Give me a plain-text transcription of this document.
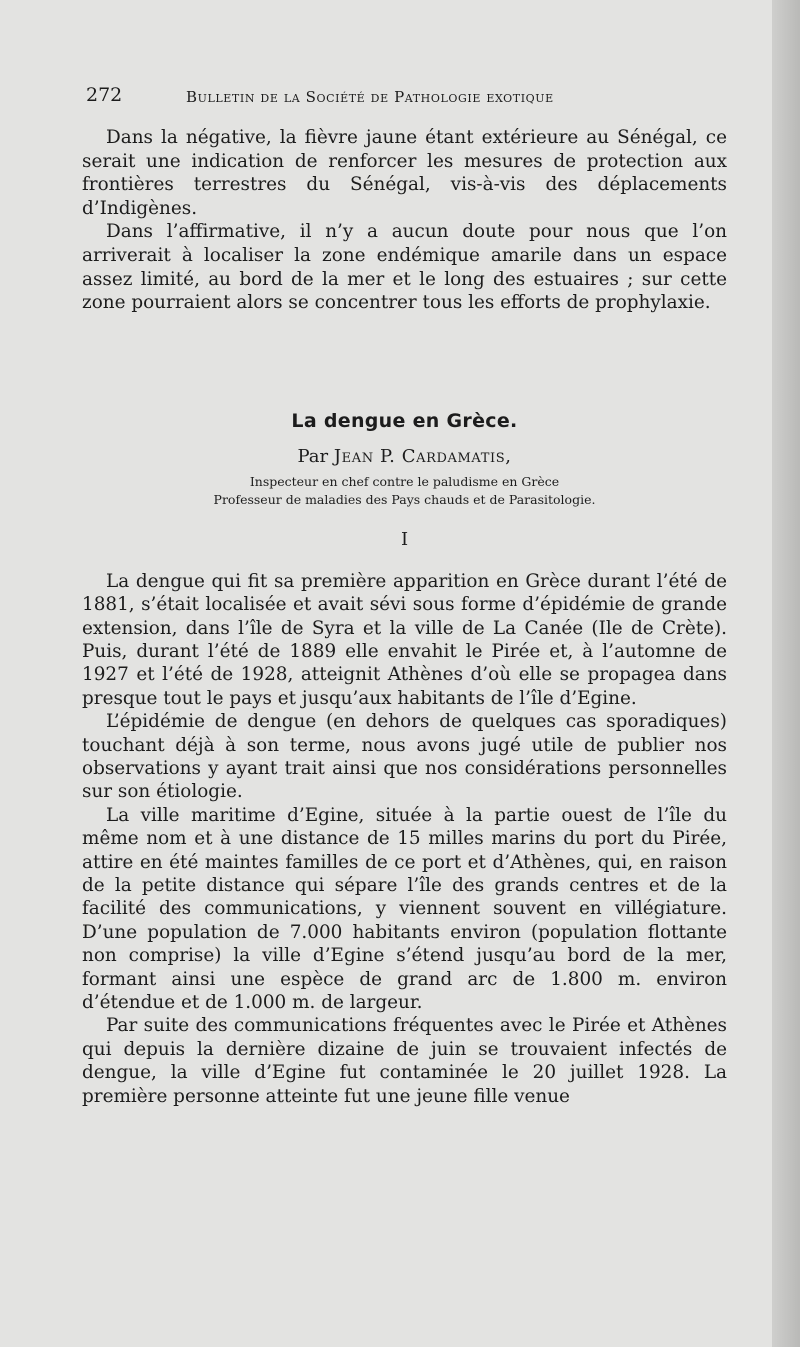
272	Bulletin de la Société de Pathologie exotique

Dans la négative, la fièvre jaune étant extérieure au Sénégal, ce serait une indication de renforcer les mesures de protection aux frontières terrestres du Sénégal, vis-à-vis des déplacements d’Indigènes.

Dans l’affirmative, il n’y a aucun doute pour nous que l’on arriverait à localiser la zone endémique amarile dans un espace assez limité, au bord de la mer et le long des estuaires ; sur cette zone pourraient alors se concentrer tous les efforts de prophylaxie.

La dengue en Grèce.
Par Jean P. Cardamatis,
Inspecteur en chef contre le paludisme en Grèce
Professeur de maladies des Pays chauds et de Parasitologie.
I

La dengue qui fit sa première apparition en Grèce durant l’été de 1881, s’était localisée et avait sévi sous forme d’épidémie de grande extension, dans l’île de Syra et la ville de La Canée (Ile de Crète). Puis, durant l’été de 1889 elle envahit le Pirée et, à l’automne de 1927 et l’été de 1928, atteignit Athènes d’où elle se propagea dans presque tout le pays et jusqu’aux habitants de l’île d’Egine.

L’épidémie de dengue (en dehors de quelques cas sporadiques) touchant déjà à son terme, nous avons jugé utile de publier nos observations y ayant trait ainsi que nos considérations personnelles sur son étiologie.

La ville maritime d’Egine, située à la partie ouest de l’île du même nom et à une distance de 15 milles marins du port du Pirée, attire en été maintes familles de ce port et d’Athènes, qui, en raison de la petite distance qui sépare l’île des grands centres et de la facilité des communications, y viennent souvent en villégiature. D’une population de 7.000 habitants environ (population flottante non comprise) la ville d’Egine s’étend jusqu’au bord de la mer, formant ainsi une espèce de grand arc de 1.800 m. environ d’étendue et de 1.000 m. de largeur.

Par suite des communications fréquentes avec le Pirée et Athènes qui depuis la dernière dizaine de juin se trouvaient infectés de dengue, la ville d’Egine fut contaminée le 20 juillet 1928. La première personne atteinte fut une jeune fille venue
